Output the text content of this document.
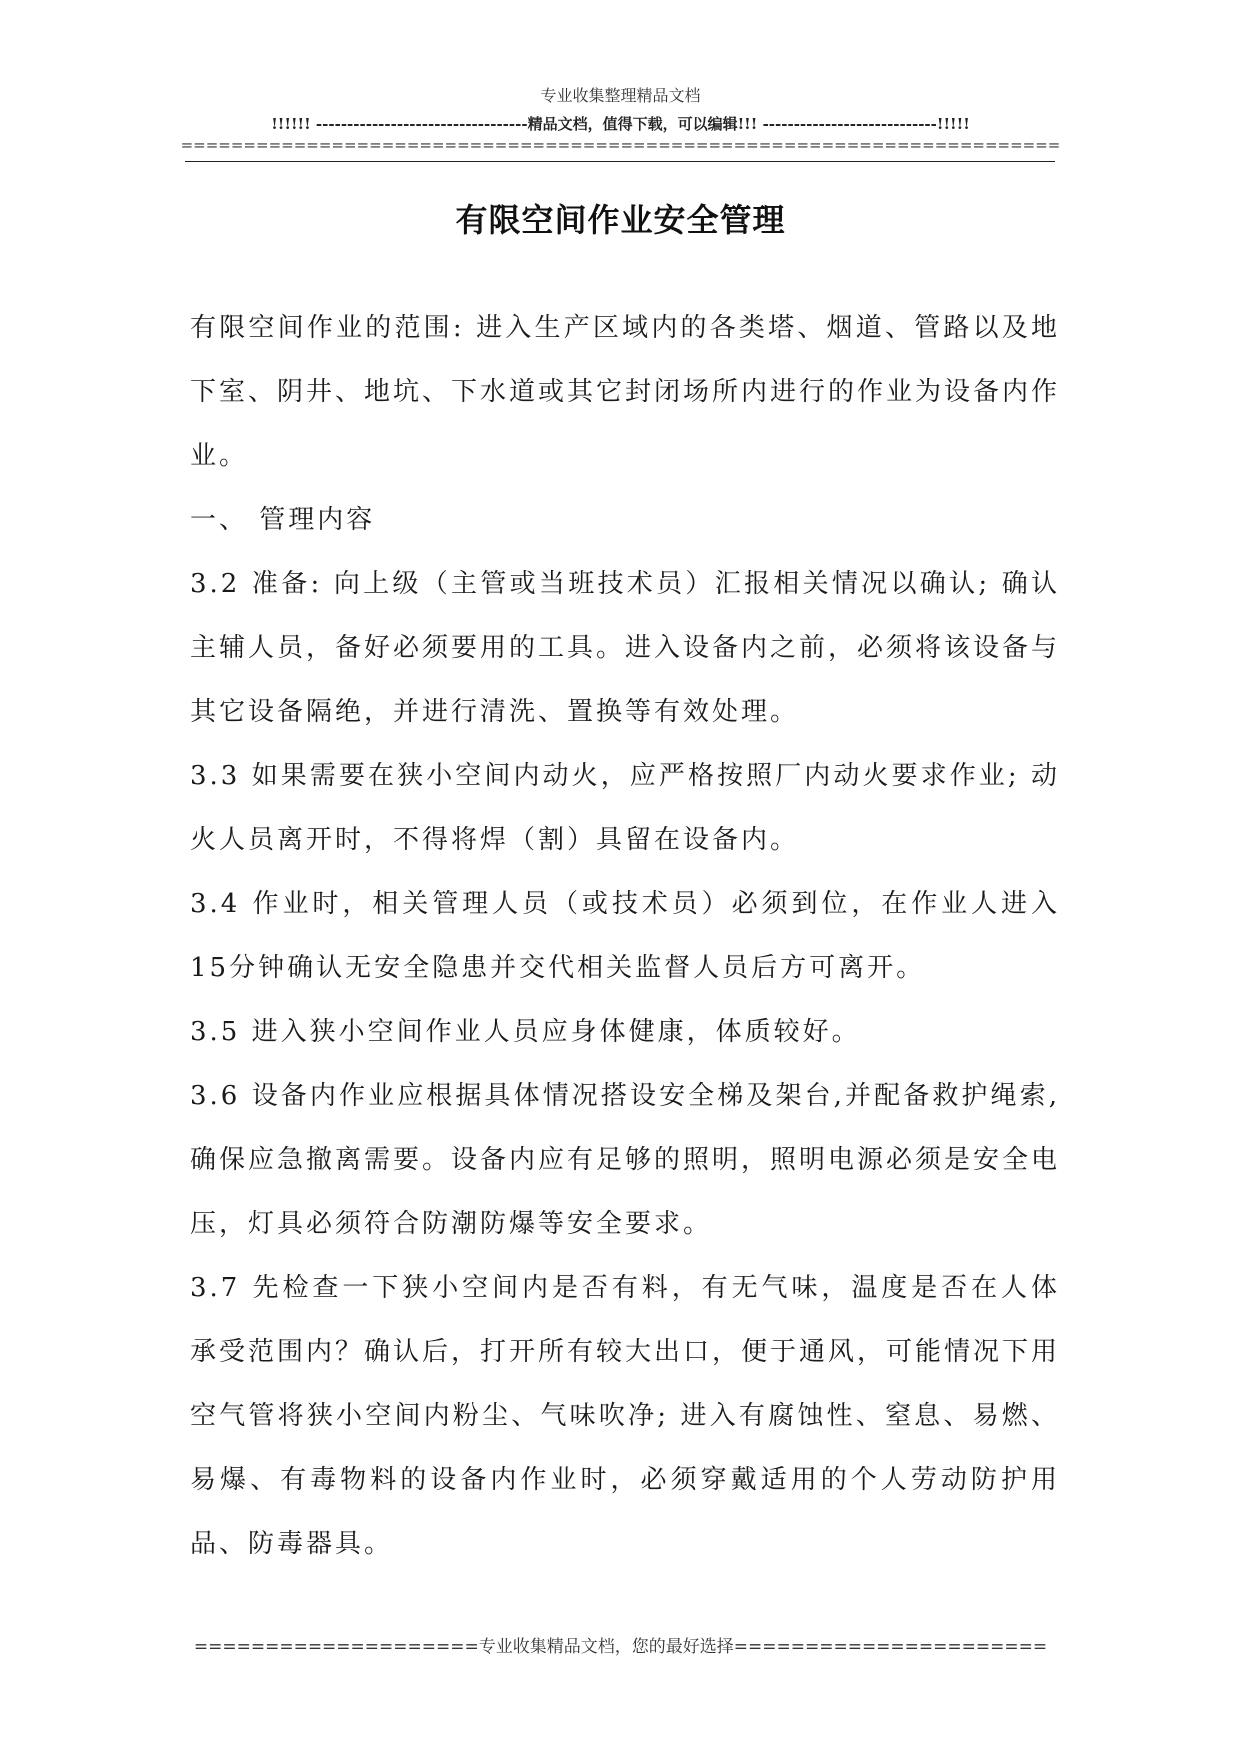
专业收集整理精品文档
!!!!!! ----------------------------------精品文档，值得下载，可以编辑!!! ----------------------------!!!!!
======================================================================
有限空间作业安全管理

有限空间作业的范围: 进入生产区域内的各类塔、烟道、管路以及地下室、阴井、地坑、下水道或其它封闭场所内进行的作业为设备内作业。

一、 管理内容

3.2 准备: 向上级（主管或当班技术员）汇报相关情况以确认; 确认主辅人员，备好必须要用的工具。进入设备内之前，必须将该设备与其它设备隔绝，并进行清洗、置换等有效处理。

3.3 如果需要在狭小空间内动火，应严格按照厂内动火要求作业; 动火人员离开时，不得将焊（割）具留在设备内。

3.4 作业时，相关管理人员（或技术员）必须到位，在作业人进入15分钟确认无安全隐患并交代相关监督人员后方可离开。

3.5 进入狭小空间作业人员应身体健康，体质较好。

3.6 设备内作业应根据具体情况搭设安全梯及架台,并配备救护绳索,确保应急撤离需要。设备内应有足够的照明，照明电源必须是安全电压，灯具必须符合防潮防爆等安全要求。

3.7 先检查一下狭小空间内是否有料，有无气味，温度是否在人体承受范围内？确认后，打开所有较大出口，便于通风，可能情况下用空气管将狭小空间内粉尘、气味吹净; 进入有腐蚀性、窒息、易燃、易爆、有毒物料的设备内作业时，必须穿戴适用的个人劳动防护用品、防毒器具。

====================专业收集精品文档，您的最好选择======================
